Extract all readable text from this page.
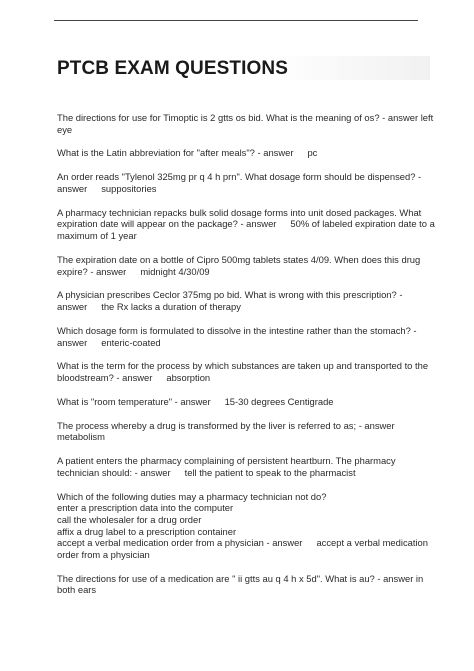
PTCB EXAM QUESTIONS

The directions for use for Timoptic is 2 gtts os bid. What is the meaning of os? - answer left eye

What is the Latin abbreviation for "after meals"? - answer pc

An order reads "Tylenol 325mg pr q 4 h prn". What dosage form should be dispensed? - answer suppositories

A pharmacy technician repacks bulk solid dosage forms into unit dosed packages. What expiration date will appear on the package? - answer 50% of labeled expiration date to a maximum of 1 year

The expiration date on a bottle of Cipro 500mg tablets states 4/09. When does this drug expire? - answer midnight 4/30/09

A physician prescribes Ceclor 375mg po bid. What is wrong with this prescription? - answer the Rx lacks a duration of therapy

Which dosage form is formulated to dissolve in the intestine rather than the stomach? - answer enteric-coated

What is the term for the process by which substances are taken up and transported to the bloodstream? - answer absorption

What is "room temperature" - answer 15-30 degrees Centigrade

The process whereby a drug is transformed by the liver is referred to as; - answer metabolism

A patient enters the pharmacy complaining of persistent heartburn. The pharmacy technician should: - answer tell the patient to speak to the pharmacist

Which of the following duties may a pharmacy technician not do?
enter a prescription data into the computer
call the wholesaler for a drug order
affix a drug label to a prescription container
accept a verbal medication order from a physician - answer accept a verbal medication order from a physician

The directions for use of a medication are " ii gtts au q 4 h x 5d". What is au? - answer in both ears
